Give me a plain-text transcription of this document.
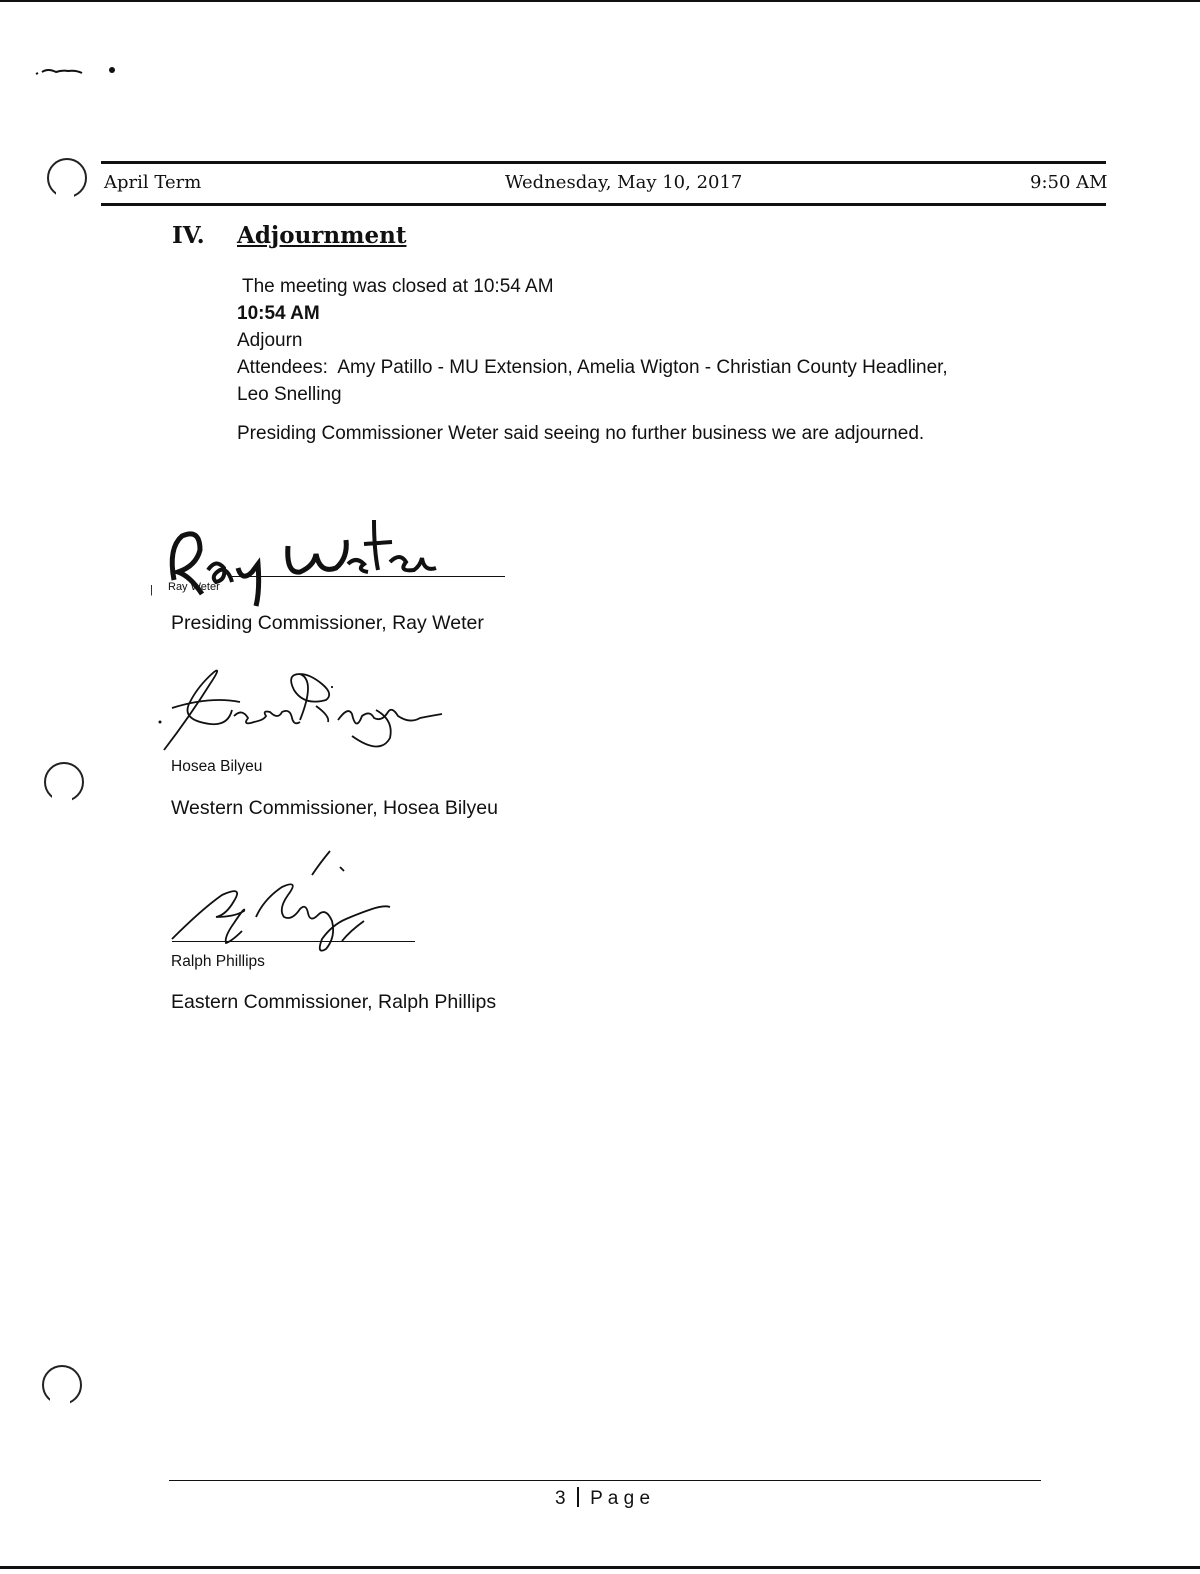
April Term	Wednesday, May 10, 2017	9:50 AM
IV. Adjournment
The meeting was closed at 10:54 AM
10:54 AM
Adjourn
Attendees:  Amy Patillo - MU Extension, Amelia Wigton - Christian County Headliner,
Leo Snelling
Presiding Commissioner Weter said seeing no further business we are adjourned.
| Ray Weter
Presiding Commissioner, Ray Weter
Hosea Bilyeu
Western Commissioner, Hosea Bilyeu
Ralph Phillips
Eastern Commissioner, Ralph Phillips
3 P a g e
